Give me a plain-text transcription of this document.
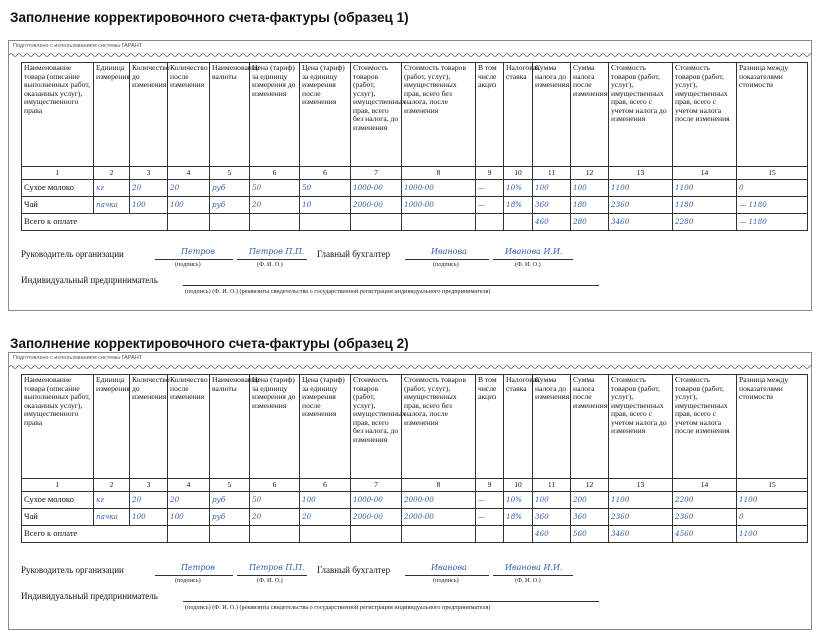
Заполнение корректировочного счета-фактуры (образец 1)
Подготовлено с использованием системы ГАРАНТ
Наименование товара (описание выполненных работ, оказанных услуг), имущественного права	Единица измерения	Количество до изменения	Количество после изменения	Наименование валюты	Цена (тариф) за единицу измерения до изменения	Цена (тариф) за единицу измерения после изменения	Стоимость товаров (работ, услуг), имущественных прав, всего без налога, до изменения	Стоимость товаров (работ, услуг), имущественных прав, всего без налога, после изменения	В том числе акциз	Налоговая ставка	Сумма налога до изменения	Сумма налога после изменения	Стоимость товаров (работ, услуг), имущественных прав, всего с учетом налога до изменения	Стоимость товаров (работ, услуг), имущественных прав, всего с учетом налога после изменения	Разница между показателями стоимости
1	2	3	4	5	6	6	7	8	9	10	11	12	13	14	15
Сухое молоко	кг	20	20	руб	50	50	1000-00	1000-00	—	10%	100	100	1100	1100	0
Чай	пачка	100	100	руб	20	10	2000-00	1000-00	—	18%	360	180	2360	1180	— 1180
Всего к оплате											460	280	3460	2280	— 1180
Руководитель организации	Петров
(подпись)
Петров П.П.
(Ф. И. О.)
Главный бухгалтер	Иванова
(подпись)
Иванова И.И.
(Ф. И. О.)
Индивидуальный предприниматель
(подпись) (Ф. И. О.) (реквизиты свидетельства о государственной регистрации индивидуального предпринимателя)
Заполнение корректировочного счета-фактуры (образец 2)
Подготовлено с использованием системы ГАРАНТ
Наименование товара (описание выполненных работ, оказанных услуг), имущественного права	Единица измерения	Количество до изменения	Количество после изменения	Наименование валюты	Цена (тариф) за единицу измерения до изменения	Цена (тариф) за единицу измерения после изменения	Стоимость товаров (работ, услуг), имущественных прав, всего без налога, до изменения	Стоимость товаров (работ, услуг), имущественных прав, всего без налога, после изменения	В том числе акциз	Налоговая ставка	Сумма налога до изменения	Сумма налога после изменения	Стоимость товаров (работ, услуг), имущественных прав, всего с учетом налога до изменения	Стоимость товаров (работ, услуг), имущественных прав, всего с учетом налога после изменения	Разница между показателями стоимости
1	2	3	4	5	6	6	7	8	9	10	11	12	13	14	15
Сухое молоко	кг	20	20	руб	50	100	1000-00	2000-00	—	10%	100	200	1100	2200	1100
Чай	пачка	100	100	руб	20	20	2000-00	2000-00	—	18%	360	360	2360	2360	0
Всего к оплате											460	560	3460	4560	1100
Руководитель организации	Петров
(подпись)
Петров П.П.
(Ф. И. О.)
Главный бухгалтер	Иванова
(подпись)
Иванова И.И.
(Ф. И. О.)
Индивидуальный предприниматель
(подпись) (Ф. И. О.) (реквизиты свидетельства о государственной регистрации индивидуального предпринимателя)
